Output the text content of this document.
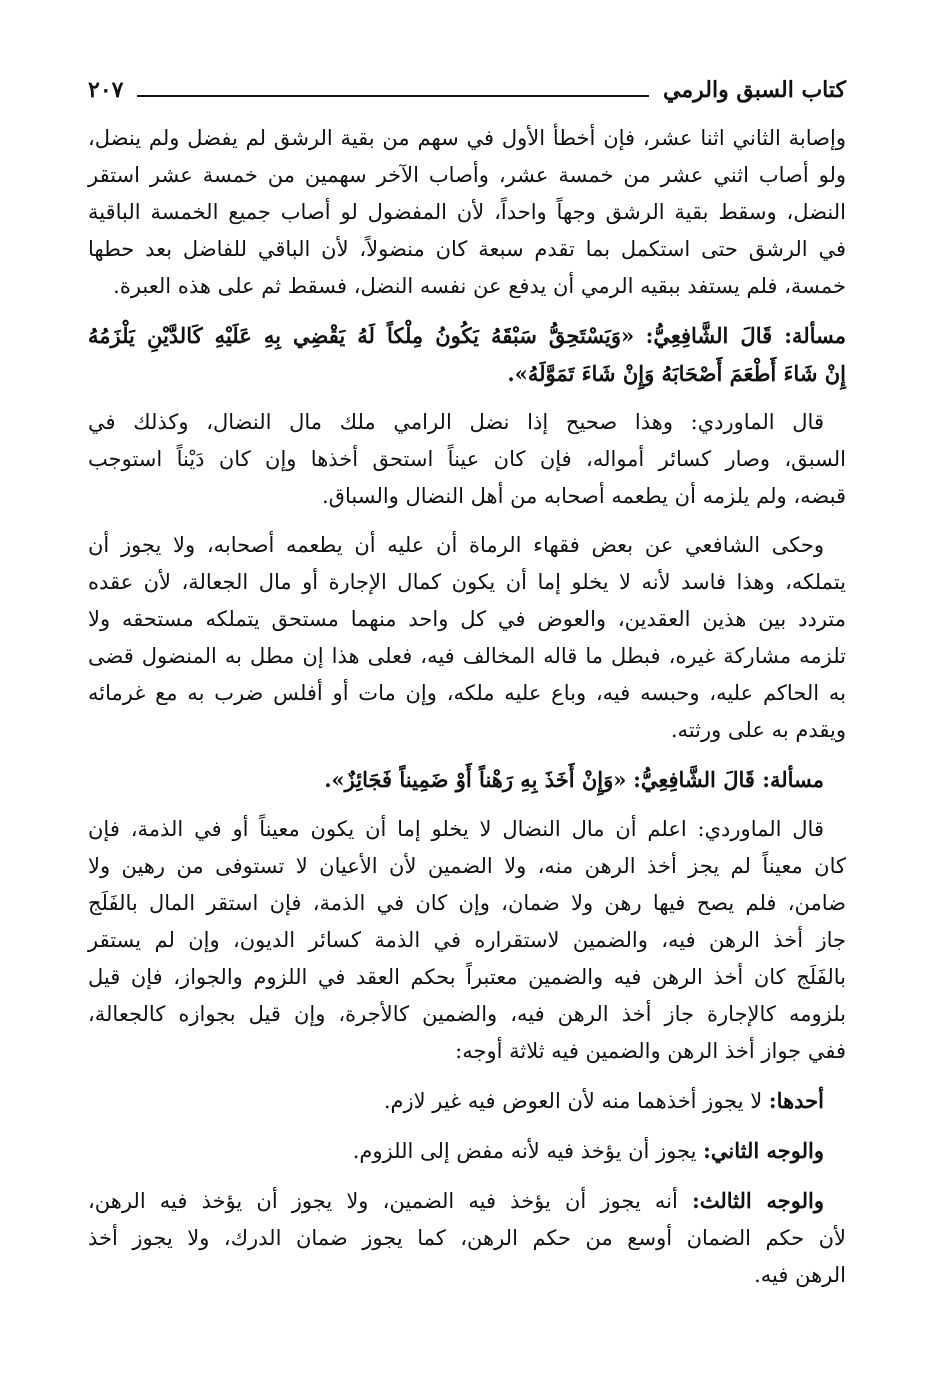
كتاب السبق والرمي
٢٠٧
وإصابة الثاني اثنا عشر، فإن أخطأ الأول في سهم من بقية الرشق لم يفضل ولم ينضل،
ولو أصاب اثني عشر من خمسة عشر، وأصاب الآخر سهمين من خمسة عشر استقر
النضل، وسقط بقية الرشق وجهاً واحداً، لأن المفضول لو أصاب جميع الخمسة الباقية
في الرشق حتى استكمل بما تقدم سبعة كان منضولاً، لأن الباقي للفاضل بعد حطها
خمسة، فلم يستفد ببقيه الرمي أن يدفع عن نفسه النضل، فسقط ثم على هذه العبرة.
مسألة: قَالَ الشَّافِعِيُّ: «وَيَسْتَحِقُّ سَبْقَهُ يَكُونُ مِلْكاً لَهُ يَقْضِي بِهِ عَلَيْهِ كَالدَّيْنِ يَلْزَمُهُ
إِنْ شَاءَ أَطْعَمَ أَصْحَابَهُ وَإِنْ شَاءَ تَمَوَّلَهُ».
قال الماوردي: وهذا صحيح إذا نضل الرامي ملك مال النضال، وكذلك في
السبق، وصار كسائر أمواله، فإن كان عيناً استحق أخذها وإن كان دَيْناً استوجب
قبضه، ولم يلزمه أن يطعمه أصحابه من أهل النضال والسباق.
وحكى الشافعي عن بعض فقهاء الرماة أن عليه أن يطعمه أصحابه، ولا يجوز أن
يتملكه، وهذا فاسد لأنه لا يخلو إما أن يكون كمال الإجارة أو مال الجعالة، لأن عقده
متردد بين هذين العقدين، والعوض في كل واحد منهما مستحق يتملكه مستحقه ولا
تلزمه مشاركة غيره، فبطل ما قاله المخالف فيه، فعلى هذا إن مطل به المنضول قضى
به الحاكم عليه، وحبسه فيه، وباع عليه ملكه، وإن مات أو أفلس ضرب به مع غرمائه
ويقدم به على ورثته.
مسألة: قَالَ الشَّافِعِيُّ: «وَإِنْ أَخَذَ بِهِ رَهْناً أَوْ ضَمِيناً فَجَائِزٌ».
قال الماوردي: اعلم أن مال النضال لا يخلو إما أن يكون معيناً أو في الذمة، فإن
كان معيناً لم يجز أخذ الرهن منه، ولا الضمين لأن الأعيان لا تستوفى من رهين ولا
ضامن، فلم يصح فيها رهن ولا ضمان، وإن كان في الذمة، فإن استقر المال بالفَلَج
جاز أخذ الرهن فيه، والضمين لاستقراره في الذمة كسائر الديون، وإن لم يستقر
بالفَلَج كان أخذ الرهن فيه والضمين معتبراً بحكم العقد في اللزوم والجواز، فإن قيل
بلزومه كالإجارة جاز أخذ الرهن فيه، والضمين كالأجرة، وإن قيل بجوازه كالجعالة،
ففي جواز أخذ الرهن والضمين فيه ثلاثة أوجه:
أحدها: لا يجوز أخذهما منه لأن العوض فيه غير لازم.
والوجه الثاني: يجوز أن يؤخذ فيه لأنه مفض إلى اللزوم.
والوجه الثالث: أنه يجوز أن يؤخذ فيه الضمين، ولا يجوز أن يؤخذ فيه الرهن،
لأن حكم الضمان أوسع من حكم الرهن، كما يجوز ضمان الدرك، ولا يجوز أخذ
الرهن فيه.
